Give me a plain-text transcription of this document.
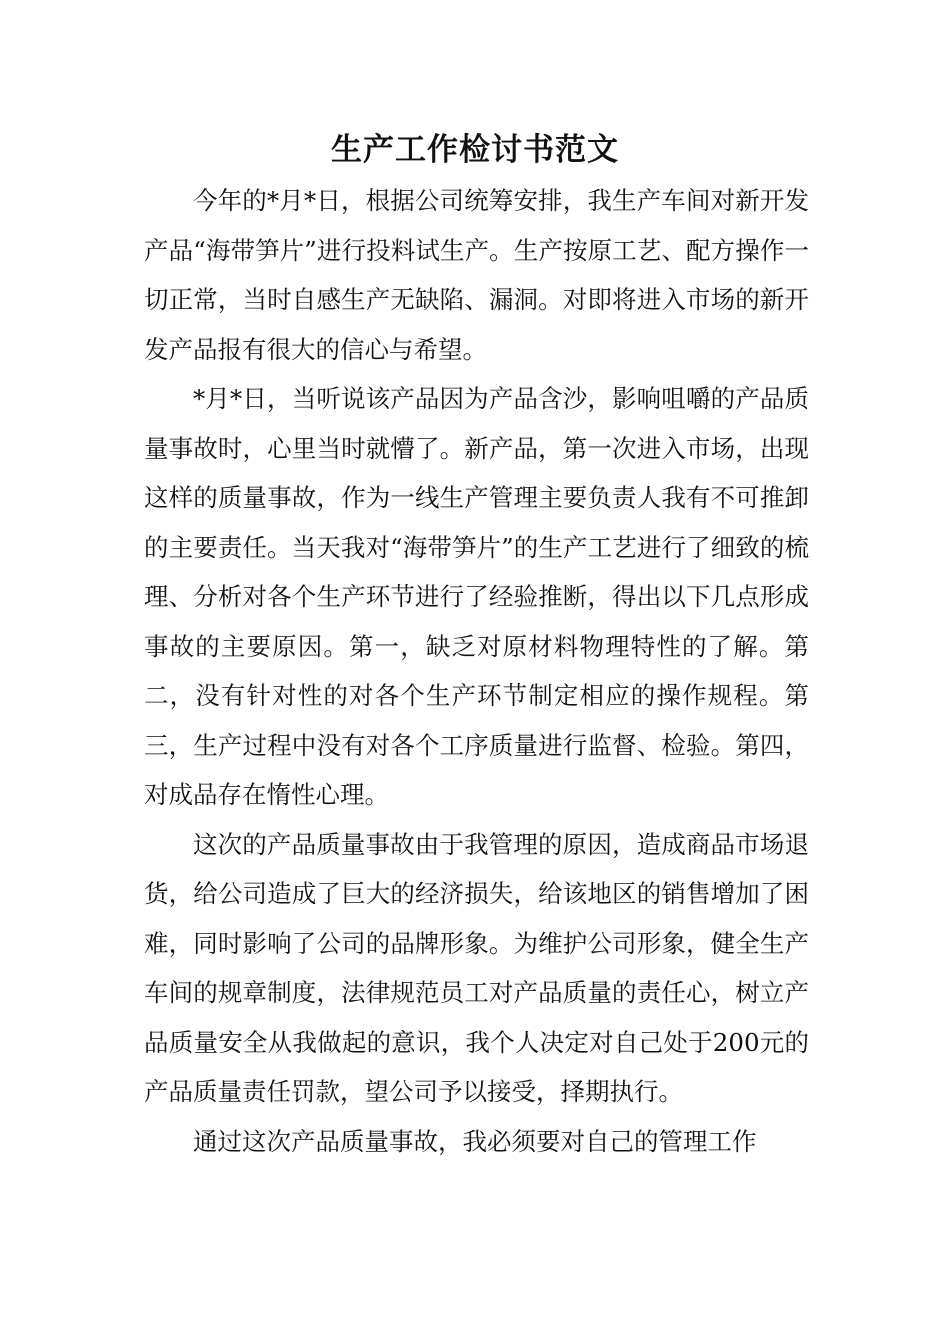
生产工作检讨书范文

今年的*月*日，根据公司统筹安排，我生产车间对新开发产品“海带笋片”进行投料试生产。生产按原工艺、配方操作一切正常，当时自感生产无缺陷、漏洞。对即将进入市场的新开发产品报有很大的信心与希望。

*月*日，当听说该产品因为产品含沙，影响咀嚼的产品质量事故时，心里当时就懵了。新产品，第一次进入市场，出现这样的质量事故，作为一线生产管理主要负责人我有不可推卸的主要责任。当天我对“海带笋片”的生产工艺进行了细致的梳理、分析对各个生产环节进行了经验推断，得出以下几点形成事故的主要原因。第一，缺乏对原材料物理特性的了解。第二，没有针对性的对各个生产环节制定相应的操作规程。第三，生产过程中没有对各个工序质量进行监督、检验。第四，对成品存在惰性心理。

这次的产品质量事故由于我管理的原因，造成商品市场退货，给公司造成了巨大的经济损失，给该地区的销售增加了困难，同时影响了公司的品牌形象。为维护公司形象，健全生产车间的规章制度，法律规范员工对产品质量的责任心，树立产品质量安全从我做起的意识，我个人决定对自己处于200元的产品质量责任罚款，望公司予以接受，择期执行。

通过这次产品质量事故，我必须要对自己的管理工作
